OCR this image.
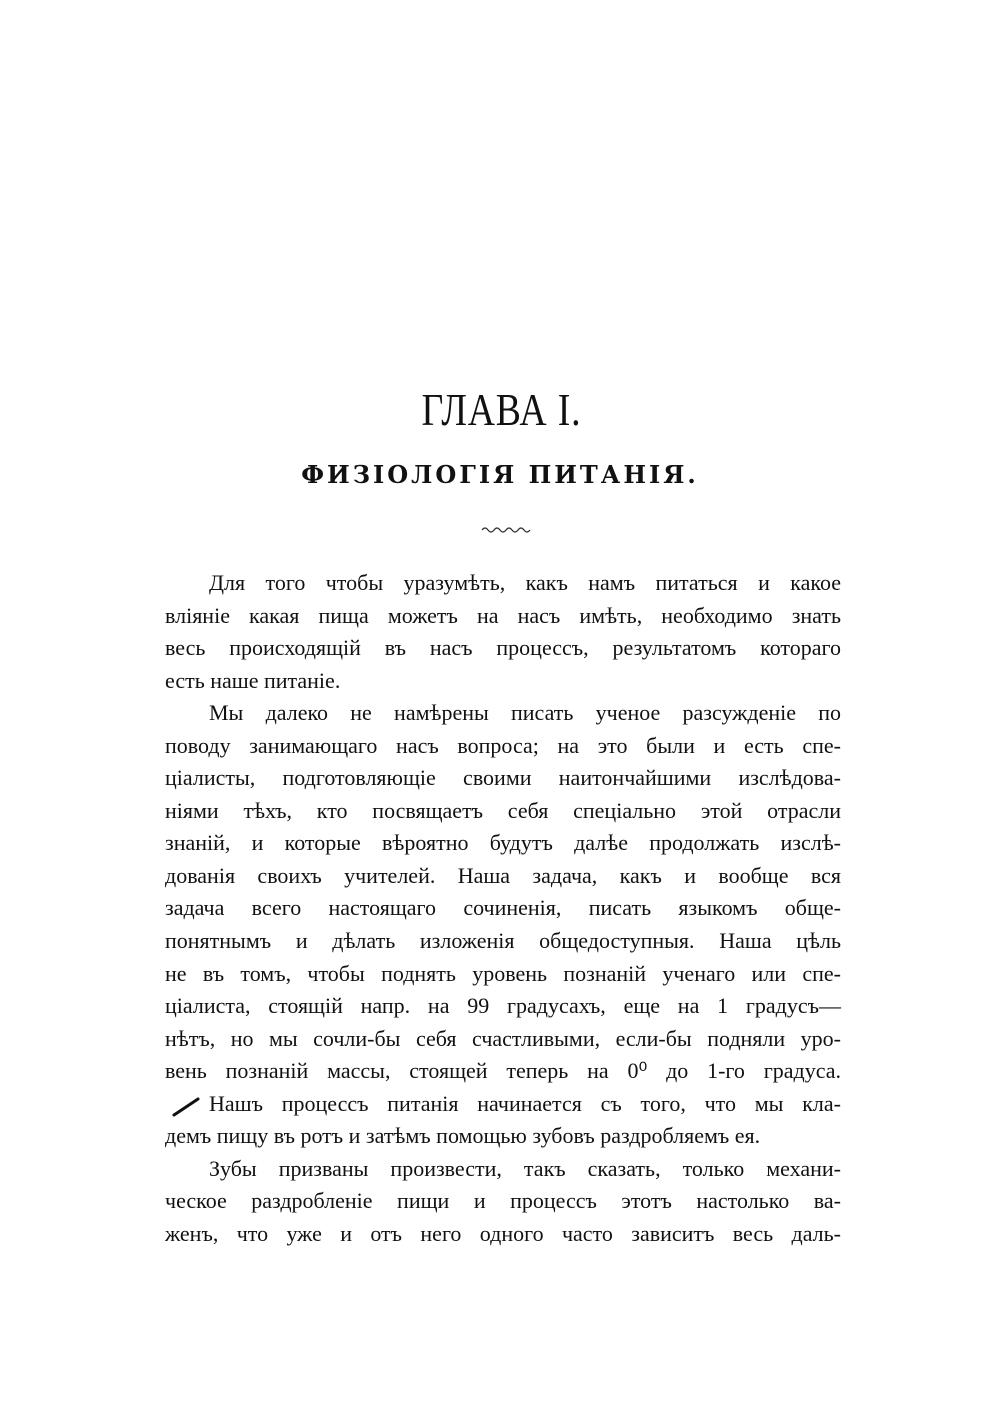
ГЛАВА I.
ФИЗІОЛОГІЯ ПИТАНІЯ.
Для того чтобы уразумѣть, какъ намъ питаться и какое
вліяніе какая пища можетъ на насъ имѣть, необходимо знать
весь происходящій въ насъ процессъ, результатомъ котораго
есть наше питаніе.
Мы далеко не намѣрены писать ученое разсужденіе по
поводу занимающаго насъ вопроса; на это были и есть спе-
ціалисты, подготовляющіе своими наитончайшими изслѣдова-
ніями тѣхъ, кто посвящаетъ себя спеціально этой отрасли
знаній, и которые вѣроятно будутъ далѣе продолжать изслѣ-
дованія своихъ учителей. Наша задача, какъ и вообще вся
задача всего настоящаго сочиненія, писать языкомъ обще-
понятнымъ и дѣлать изложенія общедоступныя. Наша цѣль
не въ томъ, чтобы поднять уровень познаній ученаго или спе-
ціалиста, стоящій напр. на 99 градусахъ, еще на 1 градусъ—
нѣтъ, но мы сочли-бы себя счастливыми, если-бы подняли уро-
вень познаній массы, стоящей теперь на 0⁰ до 1-го градуса.
Нашъ процессъ питанія начинается съ того, что мы кла-
демъ пищу въ ротъ и затѣмъ помощью зубовъ раздробляемъ ея.
Зубы призваны произвести, такъ сказать, только механи-
ческое раздробленіе пищи и процессъ этотъ настолько ва-
женъ, что уже и отъ него одного часто зависитъ весь даль-
